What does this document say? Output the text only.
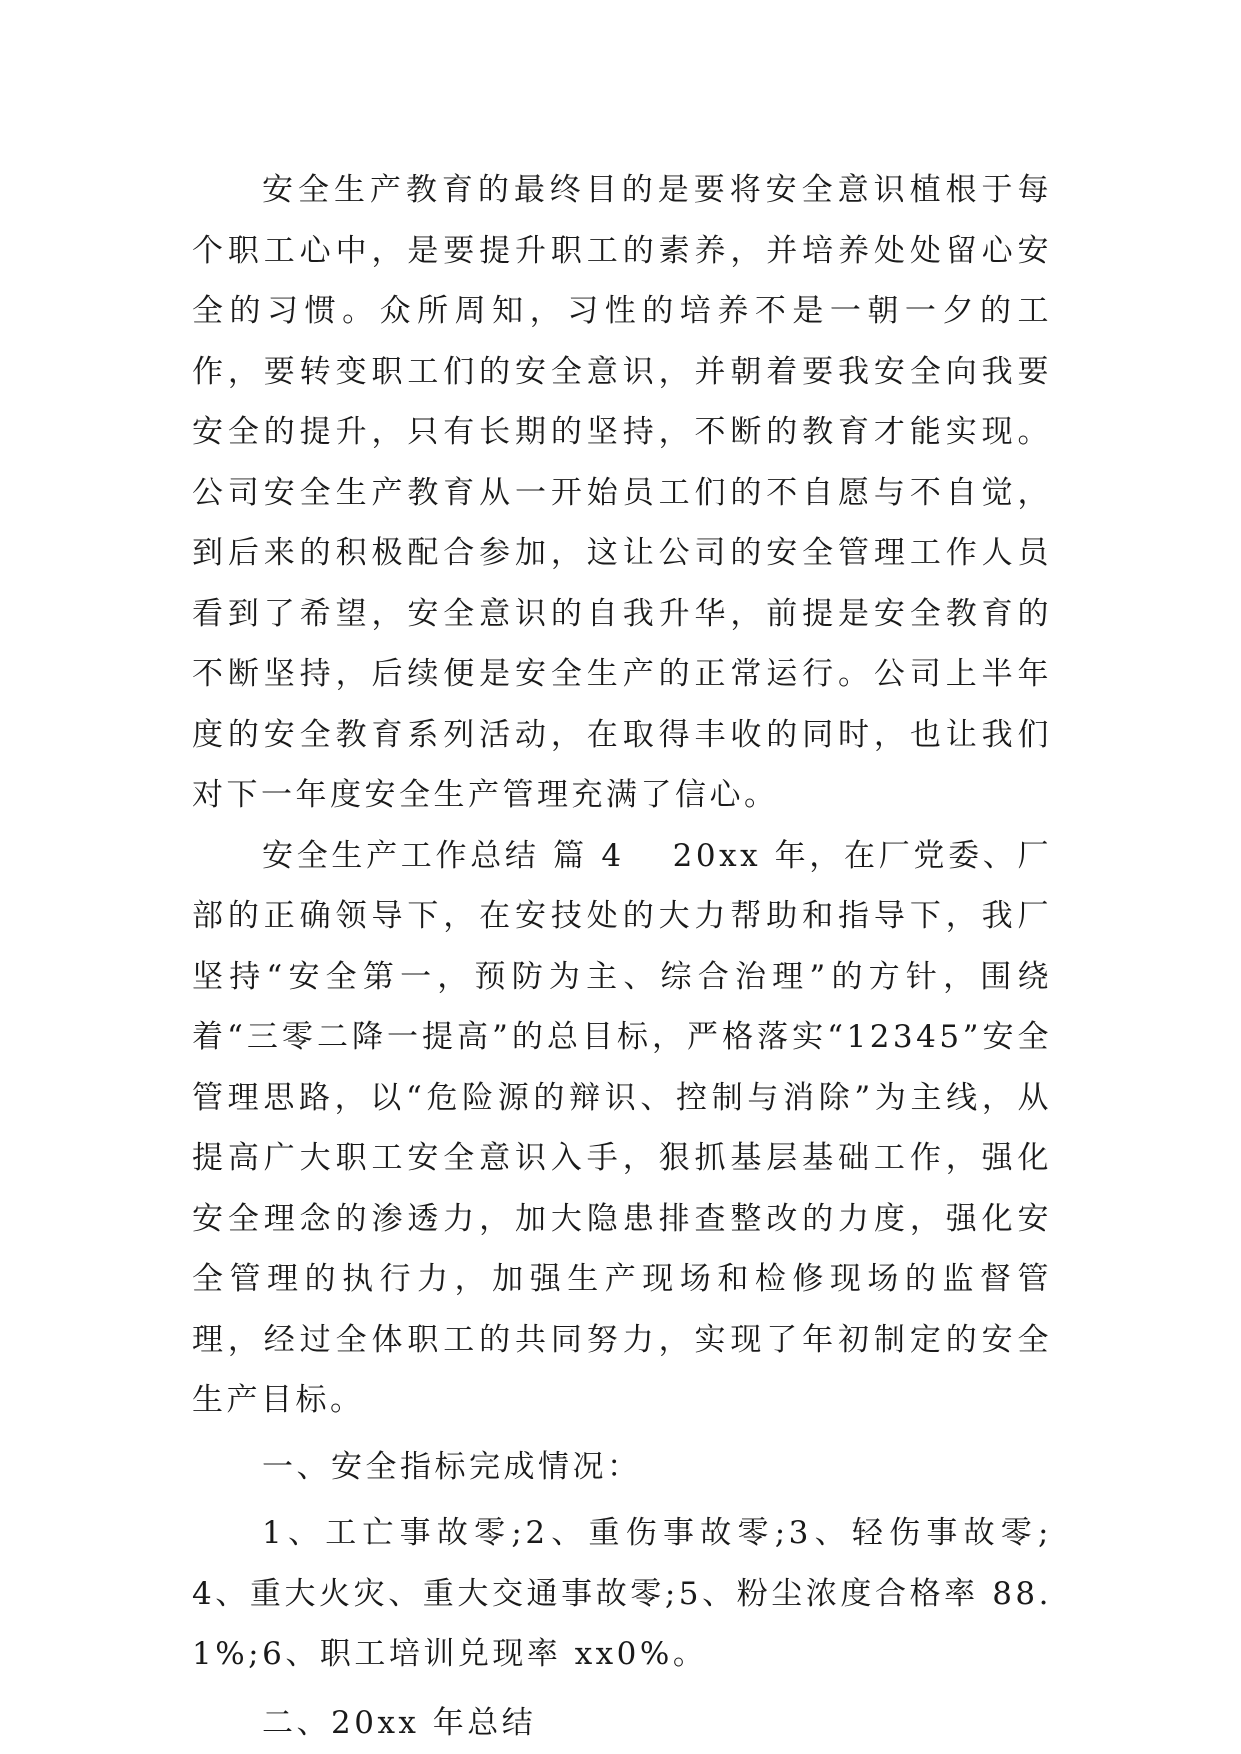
安全生产教育的最终目的是要将安全意识植根于每个职工心中，是要提升职工的素养，并培养处处留心安全的习惯。众所周知，习性的培养不是一朝一夕的工作，要转变职工们的安全意识，并朝着要我安全向我要安全的提升，只有长期的坚持，不断的教育才能实现。公司安全生产教育从一开始员工们的不自愿与不自觉，到后来的积极配合参加，这让公司的安全管理工作人员看到了希望，安全意识的自我升华，前提是安全教育的不断坚持，后续便是安全生产的正常运行。公司上半年度的安全教育系列活动，在取得丰收的同时，也让我们对下一年度安全生产管理充满了信心。

安全生产工作总结 篇 4 20xx 年，在厂党委、厂部的正确领导下，在安技处的大力帮助和指导下，我厂坚持“安全第一，预防为主、综合治理”的方针，围绕着“三零二降一提高”的总目标，严格落实“12345”安全管理思路，以“危险源的辩识、控制与消除”为主线，从提高广大职工安全意识入手，狠抓基层基础工作，强化安全理念的渗透力，加大隐患排查整改的力度，强化安全管理的执行力，加强生产现场和检修现场的监督管理，经过全体职工的共同努力，实现了年初制定的安全生产目标。

一、安全指标完成情况：

1、工亡事故零;2、重伤事故零;3、轻伤事故零;4、重大火灾、重大交通事故零;5、粉尘浓度合格率 88.1%;6、职工培训兑现率 xx0%。

二、20xx 年总结
